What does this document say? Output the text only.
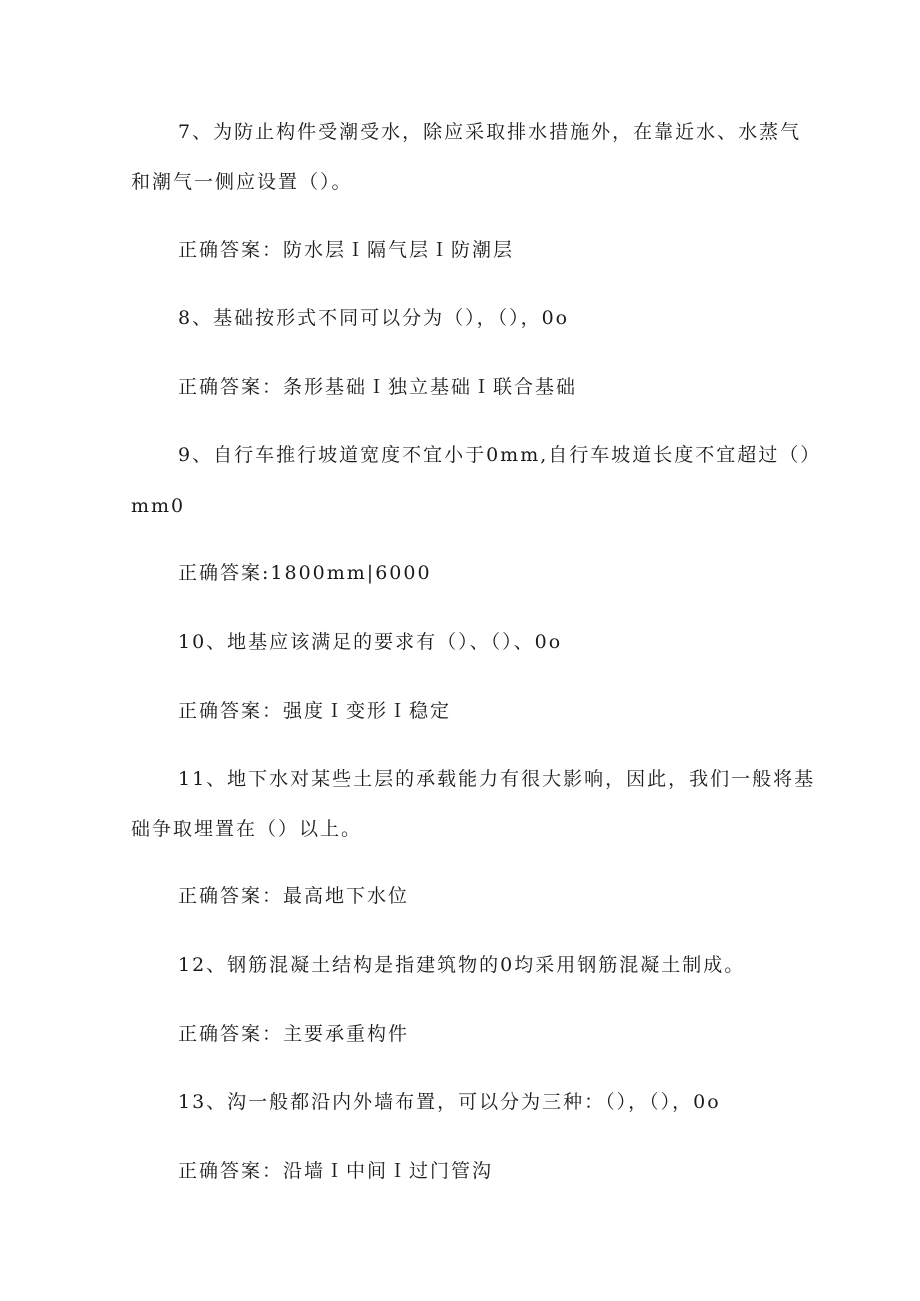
7、为防止构件受潮受水，除应采取排水措施外，在靠近水、水蒸气
和潮气一侧应设置（）。
正确答案：防水层Ｉ隔气层Ｉ防潮层
8、基础按形式不同可以分为（），（），0o
正确答案：条形基础Ｉ独立基础Ｉ联合基础
9、自行车推行坡道宽度不宜小于0mm,自行车坡道长度不宜超过（）
mm0
正确答案:1800mm|6000
10、地基应该满足的要求有（）、（）、0o
正确答案：强度Ｉ变形Ｉ稳定
11、地下水对某些土层的承载能力有很大影响，因此，我们一般将基
础争取埋置在（）以上。
正确答案：最高地下水位
12、钢筋混凝土结构是指建筑物的0均采用钢筋混凝土制成。
正确答案：主要承重构件
13、沟一般都沿内外墙布置，可以分为三种：（），（），0o
正确答案：沿墙Ｉ中间Ｉ过门管沟
